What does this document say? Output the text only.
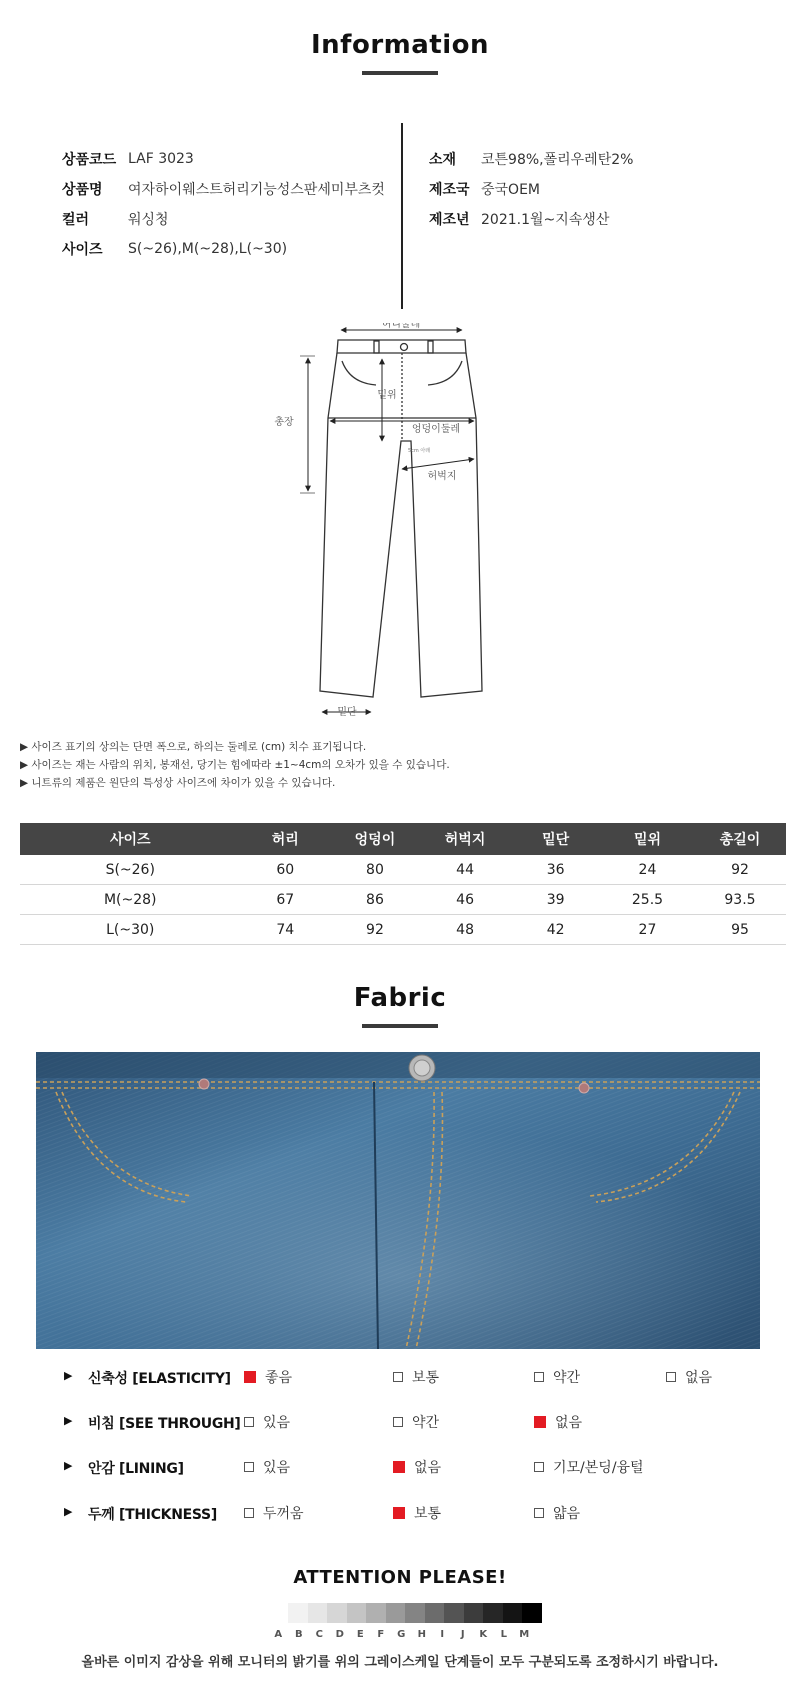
Information
상품코드 LAF 3023
상품명	여자하이웨스트허리기능성스판세미부츠컷
컬러	워싱청
사이즈	S(~26),M(~28),L(~30)
소재	코튼98%,폴리우레탄2%
제조국 중국OEM
제조년 2021.1월~지속생산
허리둘레
총장
밑위
엉덩이둘레
허벅지
5cm 아래
밑단
▶ 사이즈 표기의 상의는 단면 폭으로, 하의는 둘레로 (cm) 치수 표기됩니다.
▶ 사이즈는 재는 사람의 위치, 봉재선, 당기는 힘에따라 ±1~4cm의 오차가 있을 수 있습니다.
▶ 니트류의 제품은 원단의 특성상 사이즈에 차이가 있을 수 있습니다.
사이즈	허리	엉덩이	허벅지	밑단	밑위	총길이
S(~26)	60	80	44	36	24	92
M(~28)	67	86	46	39	25.5	93.5
L(~30)	74	92	48	42	27	95
Fabric
▶ 신축성 [ELASTICITY] 좋음	보통	약간	없음
▶ 비침 [SEE THROUGH] 있음	약간	없음
▶ 안감 [LINING]	있음	없음	기모/본딩/융털
▶ 두께 [THICKNESS]	두꺼움	보통	얇음
ATTENTION PLEASE!
A	B	C	D	E	F	G	H	I	J	K	L	M
올바른 이미지 감상을 위해 모니터의 밝기를 위의 그레이스케일 단계들이 모두 구분되도록 조정하시기 바랍니다.
